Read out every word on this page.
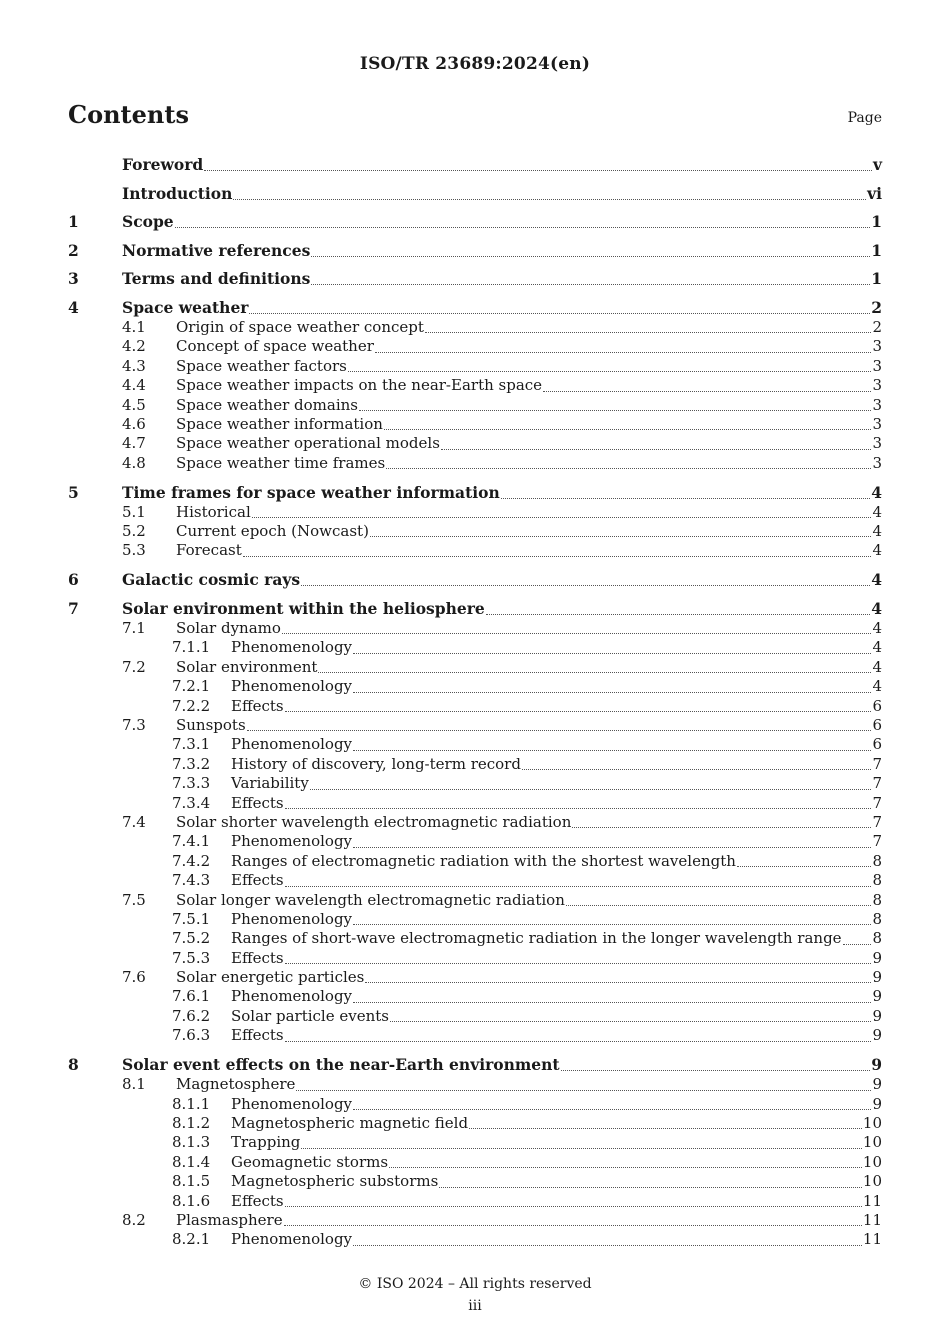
ISO/TR 23689:2024(en)
Contents	Page
Foreword	v
Introduction	vi
1	Scope	1
2	Normative references	1
3	Terms and definitions	1
4	Space weather	2
4.1	Origin of space weather concept	2
4.2	Concept of space weather	3
4.3	Space weather factors	3
4.4	Space weather impacts on the near-Earth space	3
4.5	Space weather domains	3
4.6	Space weather information	3
4.7	Space weather operational models	3
4.8	Space weather time frames	3
5	Time frames for space weather information	4
5.1	Historical	4
5.2	Current epoch (Nowcast)	4
5.3	Forecast	4
6	Galactic cosmic rays	4
7	Solar environment within the heliosphere	4
7.1	Solar dynamo	4
7.1.1	Phenomenology	4
7.2	Solar environment	4
7.2.1	Phenomenology	4
7.2.2	Effects	6
7.3	Sunspots	6
7.3.1	Phenomenology	6
7.3.2	History of discovery, long-term record	7
7.3.3	Variability	7
7.3.4	Effects	7
7.4	Solar shorter wavelength electromagnetic radiation	7
7.4.1	Phenomenology	7
7.4.2	Ranges of electromagnetic radiation with the shortest wavelength	8
7.4.3	Effects	8
7.5	Solar longer wavelength electromagnetic radiation	8
7.5.1	Phenomenology	8
7.5.2	Ranges of short-wave electromagnetic radiation in the longer wavelength range 8
7.5.3	Effects	9
7.6	Solar energetic particles	9
7.6.1	Phenomenology	9
7.6.2	Solar particle events	9
7.6.3	Effects	9
8	Solar event effects on the near-Earth environment	9
8.1	Magnetosphere	9
8.1.1	Phenomenology	9
8.1.2	Magnetospheric magnetic field	10
8.1.3	Trapping	10
8.1.4	Geomagnetic storms	10
8.1.5	Magnetospheric substorms	10
8.1.6	Effects	11
8.2	Plasmasphere	11
8.2.1	Phenomenology	11
© ISO 2024 – All rights reserved
iii
